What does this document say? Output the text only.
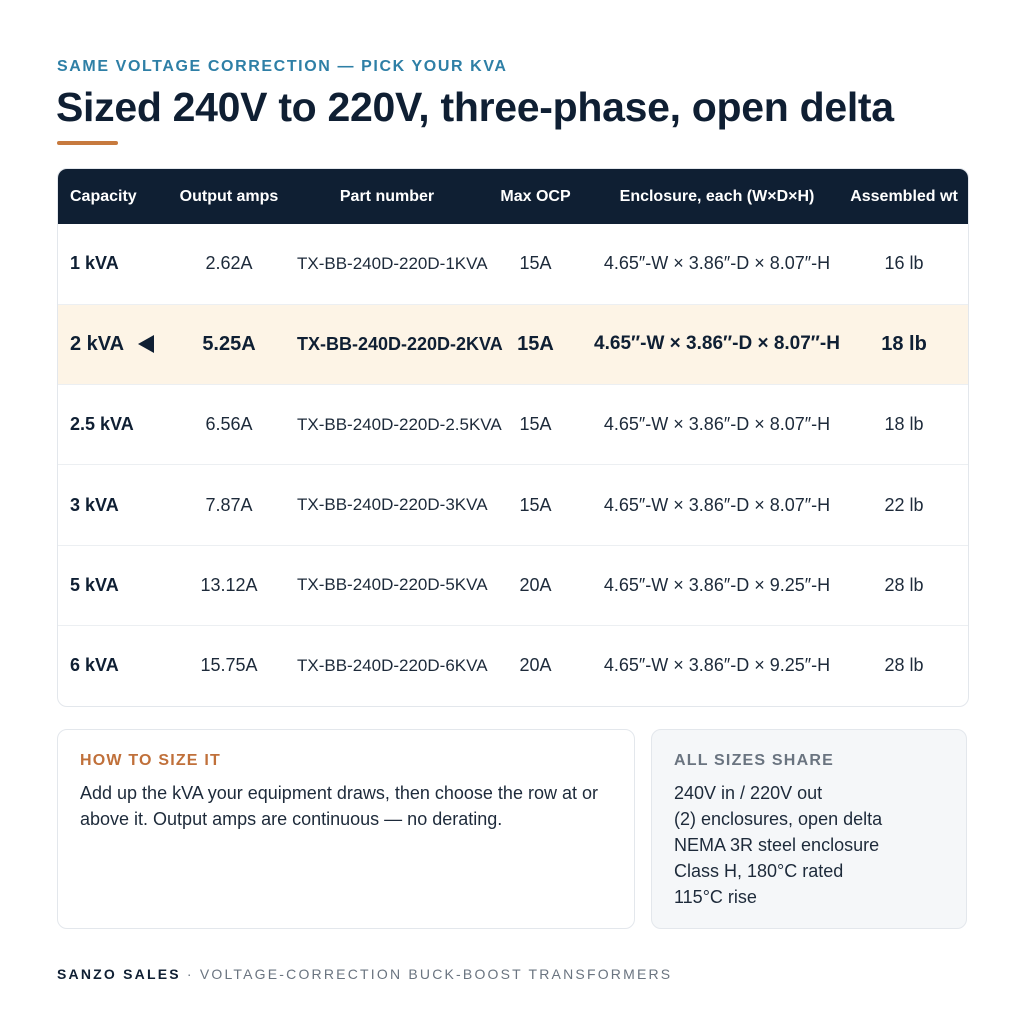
SAME VOLTAGE CORRECTION — PICK YOUR KVA
Sized 240V to 220V, three-phase, open delta
Capacity	Output amps	Part number	Max OCP	Enclosure, each (W×D×H)	Assembled wt
1 kVA	2.62A	TX-BB-240D-220D-1KVA	15A	4.65″-W × 3.86″-D × 8.07″-H	16 lb
2 kVA	5.25A	TX-BB-240D-220D-2KVA	15A	4.65″-W × 3.86″-D × 8.07″-H	18 lb
2.5 kVA	6.56A	TX-BB-240D-220D-2.5KVA	15A	4.65″-W × 3.86″-D × 8.07″-H	18 lb
3 kVA	7.87A	TX-BB-240D-220D-3KVA	15A	4.65″-W × 3.86″-D × 8.07″-H	22 lb
5 kVA	13.12A	TX-BB-240D-220D-5KVA	20A	4.65″-W × 3.86″-D × 9.25″-H	28 lb
6 kVA	15.75A	TX-BB-240D-220D-6KVA	20A	4.65″-W × 3.86″-D × 9.25″-H	28 lb
HOW TO SIZE IT
Add up the kVA your equipment draws, then choose the row at or above it. Output amps are continuous — no derating.
ALL SIZES SHARE
240V in / 220V out
(2) enclosures, open delta
NEMA 3R steel enclosure
Class H, 180°C rated
115°C rise
SANZO SALES · VOLTAGE-CORRECTION BUCK-BOOST TRANSFORMERS
